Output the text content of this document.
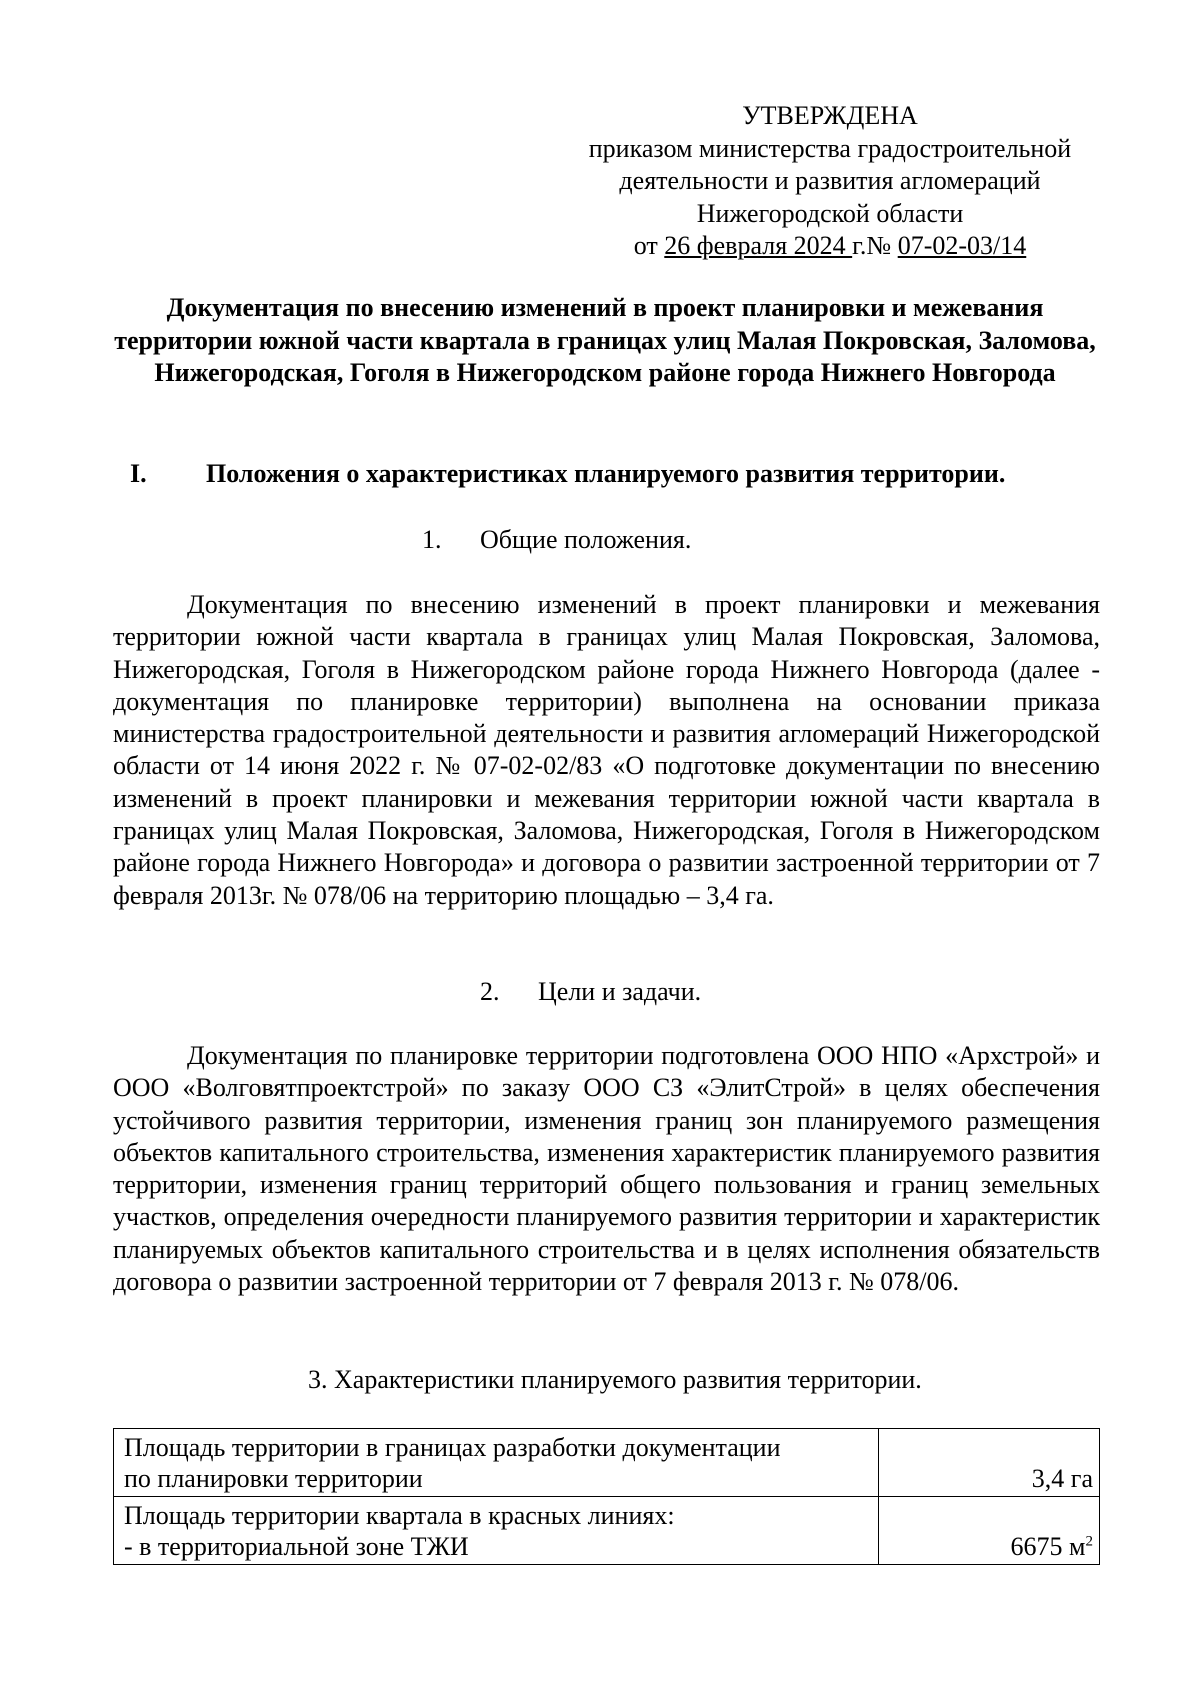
УТВЕРЖДЕНА
приказом министерства градостроительной
деятельности и развития агломераций
Нижегородской области
от 26 февраля 2024 г.№ 07-02-03/14
Документация по внесению изменений в проект планировки и межевания территории южной части квартала в границах улиц Малая Покровская, Заломова, Нижегородская, Гоголя в Нижегородском районе города Нижнего Новгорода
I. Положения о характеристиках планируемого развития территории.
1. Общие положения.
Документация по внесению изменений в проект планировки и межевания территории южной части квартала в границах улиц Малая Покровская, Заломова, Нижегородская, Гоголя в Нижегородском районе города Нижнего Новгорода (далее - документация по планировке территории) выполнена на основании приказа министерства градостроительной деятельности и развития агломераций Нижегородской области от 14 июня 2022 г. № 07-02-02/83 «О подготовке документации по внесению изменений в проект планировки и межевания территории южной части квартала в границах улиц Малая Покровская, Заломова, Нижегородская, Гоголя в Нижегородском районе города Нижнего Новгорода» и договора о развитии застроенной территории от 7 февраля 2013г. № 078/06 на территорию площадью – 3,4 га.
2. Цели и задачи.
Документация по планировке территории подготовлена ООО НПО «Архстрой» и ООО «Волговятпроектстрой» по заказу ООО СЗ «ЭлитСтрой» в целях обеспечения устойчивого развития территории, изменения границ зон планируемого размещения объектов капитального строительства, изменения характеристик планируемого развития территории, изменения границ территорий общего пользования и границ земельных участков, определения очередности планируемого развития территории и характеристик планируемых объектов капитального строительства и в целях исполнения обязательств договора о развитии застроенной территории от 7 февраля 2013 г. № 078/06.
3. Характеристики планируемого развития территории.
Площадь территории в границах разработки документации
по планировки территории	3,4 га

Площадь территории квартала в красных линиях:
- в территориальной зоне ТЖИ	6675 $м^2$
